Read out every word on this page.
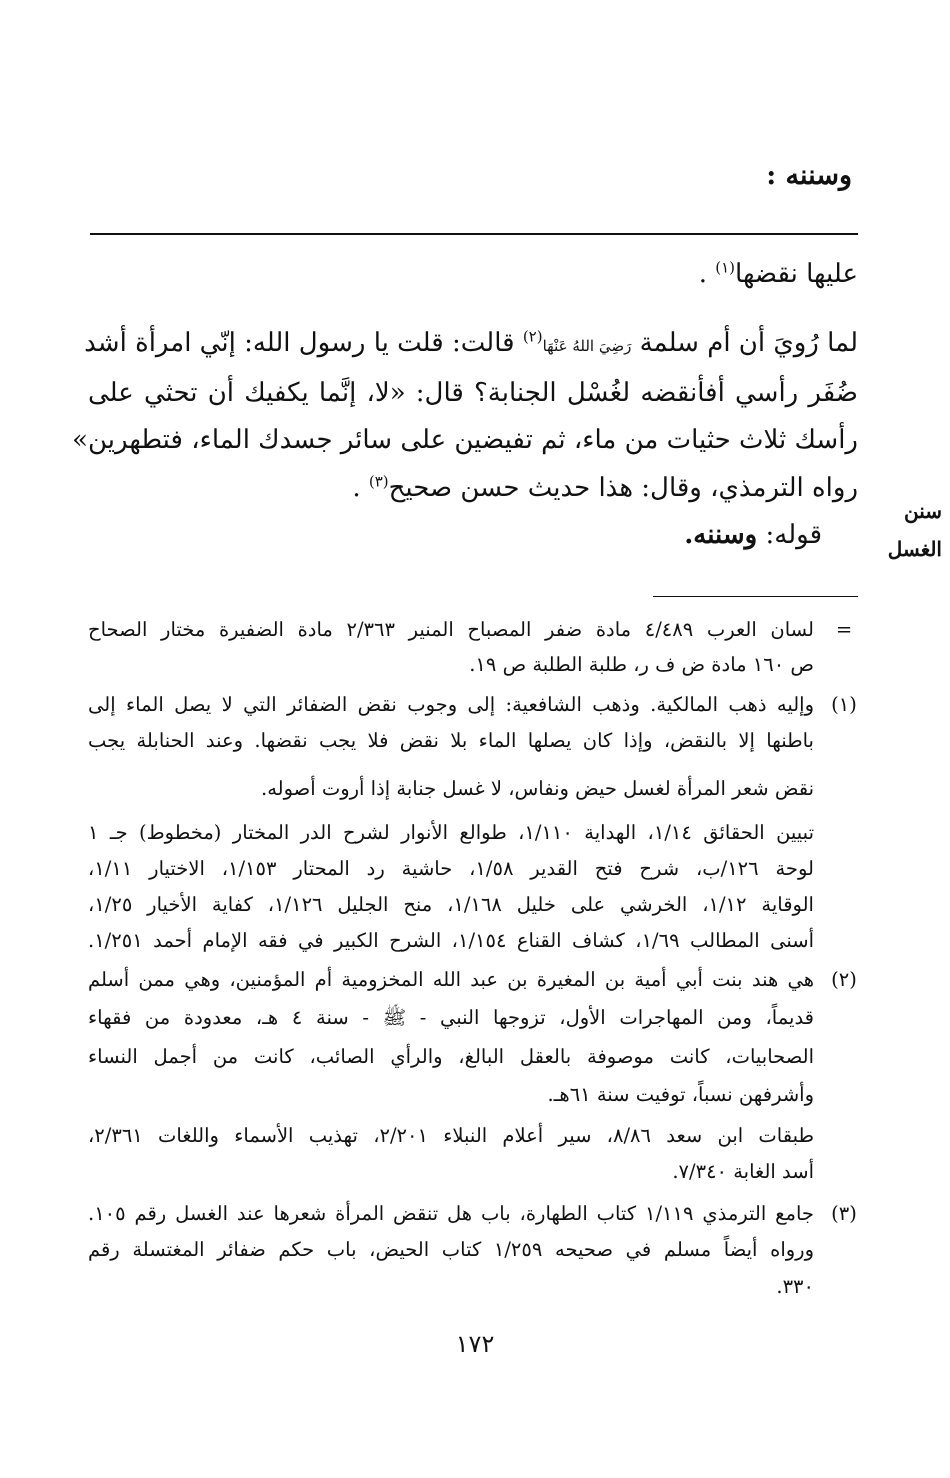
وسننه :
عليها نقضها$^{(١)}$ .
لما رُويَ أن أم سلمة رَضِيَ اللهُ عَنْهَا$^{(٢)}$ قالت: قلت يا رسول الله: إنّي امرأة أشد
ضُفَر رأسي أفأنقضه لغُسْل الجنابة؟ قال: «لا، إنَّما يكفيك أن تحثي على
رأسك ثلاث حثيات من ماء، ثم تفيضين على سائر جسدك الماء، فتطهرين»
رواه الترمذي، وقال: هذا حديث حسن صحيح$^{(٣)}$ .
سنن
الغسل
قوله: وسننه.
=
لسان العرب ٤/٤٨٩ مادة ضفر المصباح المنير ٢/٣٦٣ مادة الضفيرة مختار الصحاح
ص ١٦٠ مادة ض ف ر، طلبة الطلبة ص ١٩.
(١)
وإليه ذهب المالكية. وذهب الشافعية: إلى وجوب نقض الضفائر التي لا يصل الماء إلى
باطنها إلا بالنقض، وإذا كان يصلها الماء بلا نقض فلا يجب نقضها. وعند الحنابلة يجب
نقض شعر المرأة لغسل حيض ونفاس، لا غسل جنابة إذا أروت أصوله.
تبيين الحقائق ١/١٤، الهداية ١/١١٠، طوالع الأنوار لشرح الدر المختار (مخطوط) جـ ١
لوحة ١٢٦/ب، شرح فتح القدير ١/٥٨، حاشية رد المحتار ١/١٥٣، الاختيار ١/١١،
الوقاية ١/١٢، الخرشي على خليل ١/١٦٨، منح الجليل ١/١٢٦، كفاية الأخيار ١/٢٥،
أسنى المطالب ١/٦٩، كشاف القناع ١/١٥٤، الشرح الكبير في فقه الإمام أحمد ١/٢٥١.
(٢)
هي هند بنت أبي أمية بن المغيرة بن عبد الله المخزومية أم المؤمنين، وهي ممن أسلم
قديماً، ومن المهاجرات الأول، تزوجها النبي - ﷺ - سنة ٤ هـ، معدودة من فقهاء
الصحابيات، كانت موصوفة بالعقل البالغ، والرأي الصائب، كانت من أجمل النساء
وأشرفهن نسباً، توفيت سنة ٦١هـ.
طبقات ابن سعد ٨/٨٦، سير أعلام النبلاء ٢/٢٠١، تهذيب الأسماء واللغات ٢/٣٦١،
أسد الغابة ٧/٣٤٠.
(٣)
جامع الترمذي ١/١١٩ كتاب الطهارة، باب هل تنقض المرأة شعرها عند الغسل رقم ١٠٥.
ورواه أيضاً مسلم في صحيحه ١/٢٥٩ كتاب الحيض، باب حكم ضفائر المغتسلة رقم
٣٣٠.
١٧٢
